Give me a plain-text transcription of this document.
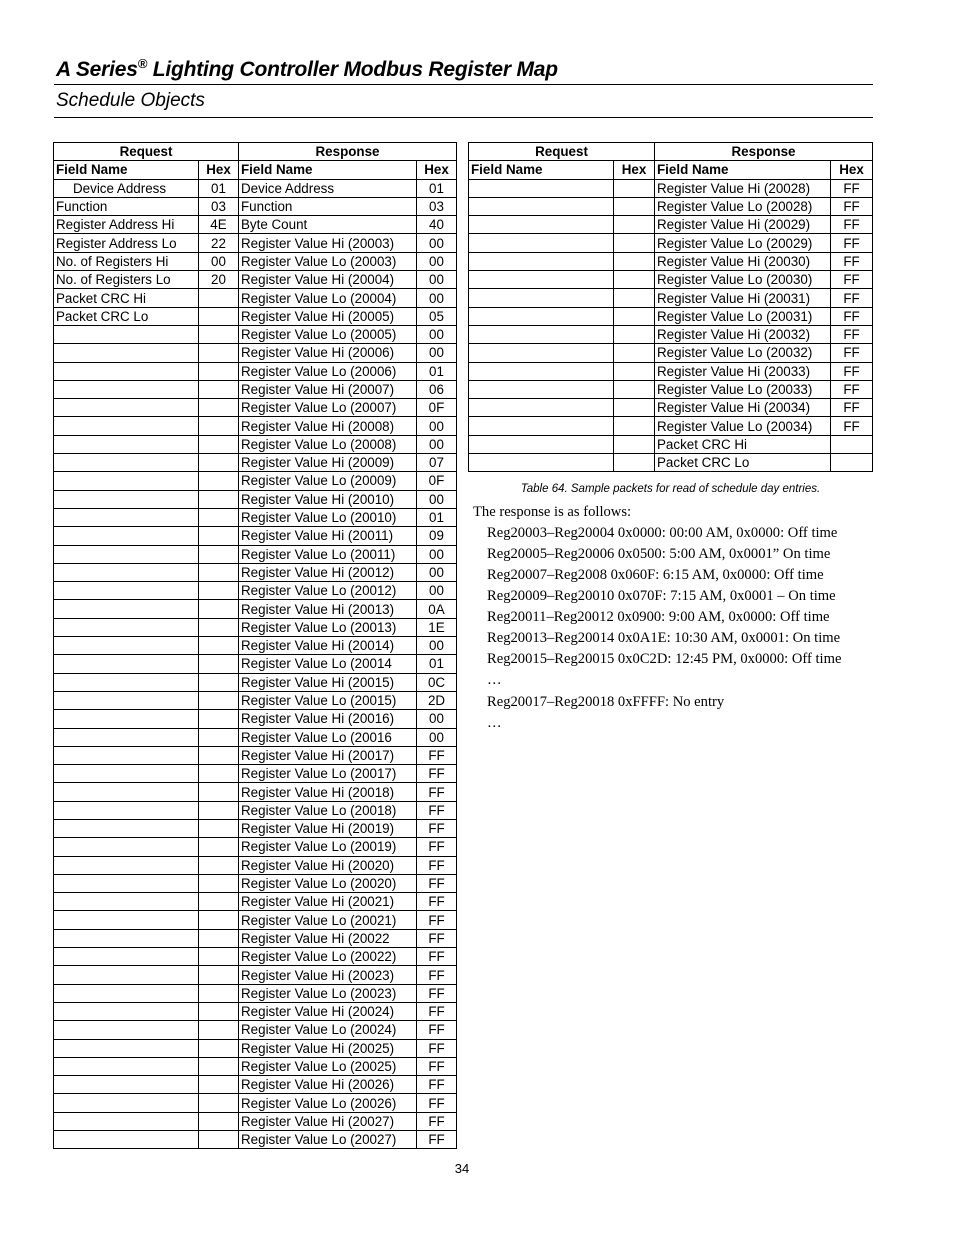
A Series® Lighting Controller Modbus Register Map
Schedule Objects
Request		Response	
Field Name	Hex	Field Name	Hex
Device Address	01	Device Address	01
Function	03	Function	03
Register Address Hi	4E	Byte Count	40
Register Address Lo	22	Register Value Hi (20003)	00
No. of Registers Hi	00	Register Value Lo (20003)	00
No. of Registers Lo	20	Register Value Hi (20004)	00
Packet CRC Hi		Register Value Lo (20004)	00
Packet CRC Lo		Register Value Hi (20005)	05
		Register Value Lo (20005)	00
		Register Value Hi (20006)	00
		Register Value Lo (20006)	01
		Register Value Hi (20007)	06
		Register Value Lo (20007)	0F
		Register Value Hi (20008)	00
		Register Value Lo (20008)	00
		Register Value Hi (20009)	07
		Register Value Lo (20009)	0F
		Register Value Hi (20010)	00
		Register Value Lo (20010)	01
		Register Value Hi (20011)	09
		Register Value Lo (20011)	00
		Register Value Hi (20012)	00
		Register Value Lo (20012)	00
		Register Value Hi (20013)	0A
		Register Value Lo (20013)	1E
		Register Value Hi (20014)	00
		Register Value Lo (20014	01
		Register Value Hi (20015)	0C
		Register Value Lo (20015)	2D
		Register Value Hi (20016)	00
		Register Value Lo (20016	00
		Register Value Hi (20017)	FF
		Register Value Lo (20017)	FF
		Register Value Hi (20018)	FF
		Register Value Lo (20018)	FF
		Register Value Hi (20019)	FF
		Register Value Lo (20019)	FF
		Register Value Hi (20020)	FF
		Register Value Lo (20020)	FF
		Register Value Hi (20021)	FF
		Register Value Lo (20021)	FF
		Register Value Hi (20022	FF
		Register Value Lo (20022)	FF
		Register Value Hi (20023)	FF
		Register Value Lo (20023)	FF
		Register Value Hi (20024)	FF
		Register Value Lo (20024)	FF
		Register Value Hi (20025)	FF
		Register Value Lo (20025)	FF
		Register Value Hi (20026)	FF
		Register Value Lo (20026)	FF
		Register Value Hi (20027)	FF
		Register Value Lo (20027)	FF
Request		Response	
Field Name	Hex	Field Name	Hex
		Register Value Hi (20028)	FF
		Register Value Lo (20028)	FF
		Register Value Hi (20029)	FF
		Register Value Lo (20029)	FF
		Register Value Hi (20030)	FF
		Register Value Lo (20030)	FF
		Register Value Hi (20031)	FF
		Register Value Lo (20031)	FF
		Register Value Hi (20032)	FF
		Register Value Lo (20032)	FF
		Register Value Hi (20033)	FF
		Register Value Lo (20033)	FF
		Register Value Hi (20034)	FF
		Register Value Lo (20034)	FF
		Packet CRC Hi	
		Packet CRC Lo	
Table 64. Sample packets for read of schedule day entries.

The response is as follows:

Reg20003–Reg20004 0x0000: 00:00 AM, 0x0000: Off time
Reg20005–Reg20006 0x0500: 5:00 AM, 0x0001” On time
Reg20007–Reg2008 0x060F: 6:15 AM, 0x0000: Off time
Reg20009–Reg20010 0x070F: 7:15 AM, 0x0001 – On time
Reg20011–Reg20012 0x0900: 9:00 AM, 0x0000: Off time
Reg20013–Reg20014 0x0A1E: 10:30 AM, 0x0001: On time
Reg20015–Reg20015 0x0C2D: 12:45 PM, 0x0000: Off time
…
Reg20017–Reg20018 0xFFFF: No entry
…
34
